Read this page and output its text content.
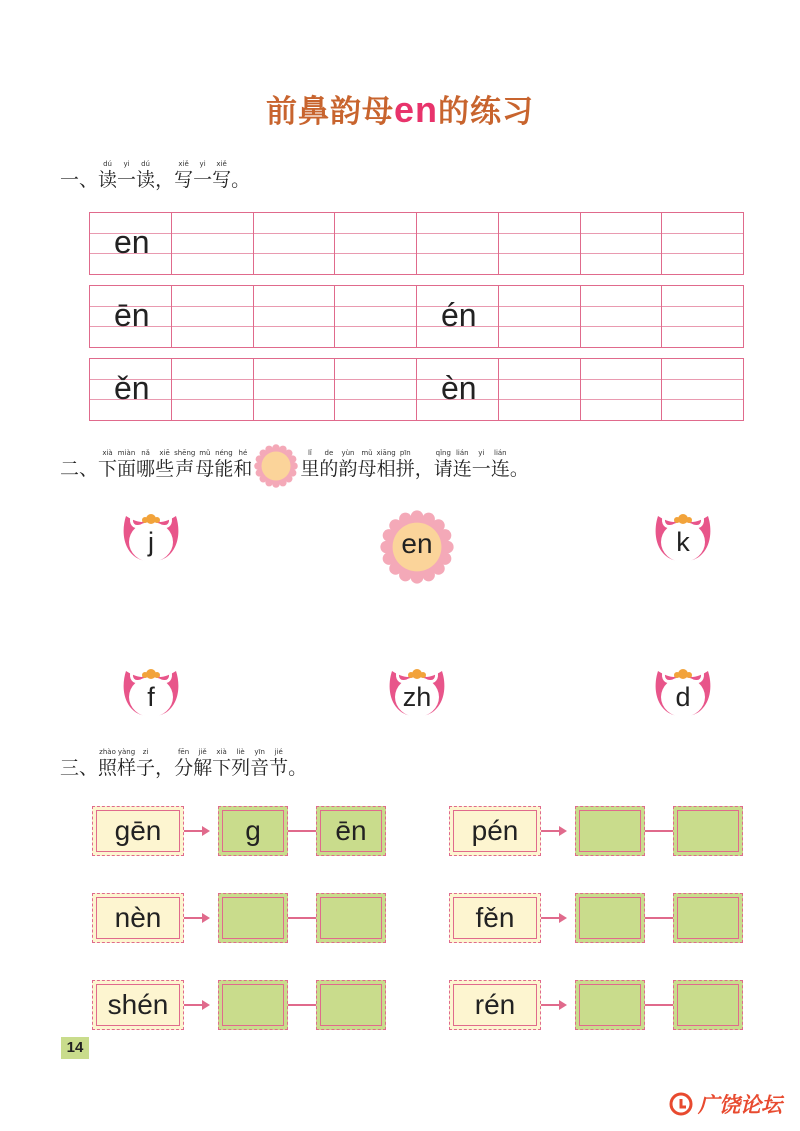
前鼻韵母en的练习

一、
dú
读
yi
一
dú
读
，
xiě
写
yi
一
xiě
写
。
en
ēn	én
ěn	èn

二、
xià
下
miàn
面
nǎ
哪
xiē
些
shēng
声
mǔ
母
néng
能
hé
和
lǐ
里
de
的
yùn
韵
mǔ
母
xiāng
相
pīn
拼
，
qǐng
请
lián
连
yi
一
lián
连
。
j	en	k
f	zh	d

三、
zhào
照
yàng
样
zi
子
，
fēn
分
jiě
解
xià
下
liè
列
yīn
音
jié
节
。
gēn	g	ēn	pén
nèn	fěn
shén	rén
14
广饶论坛
